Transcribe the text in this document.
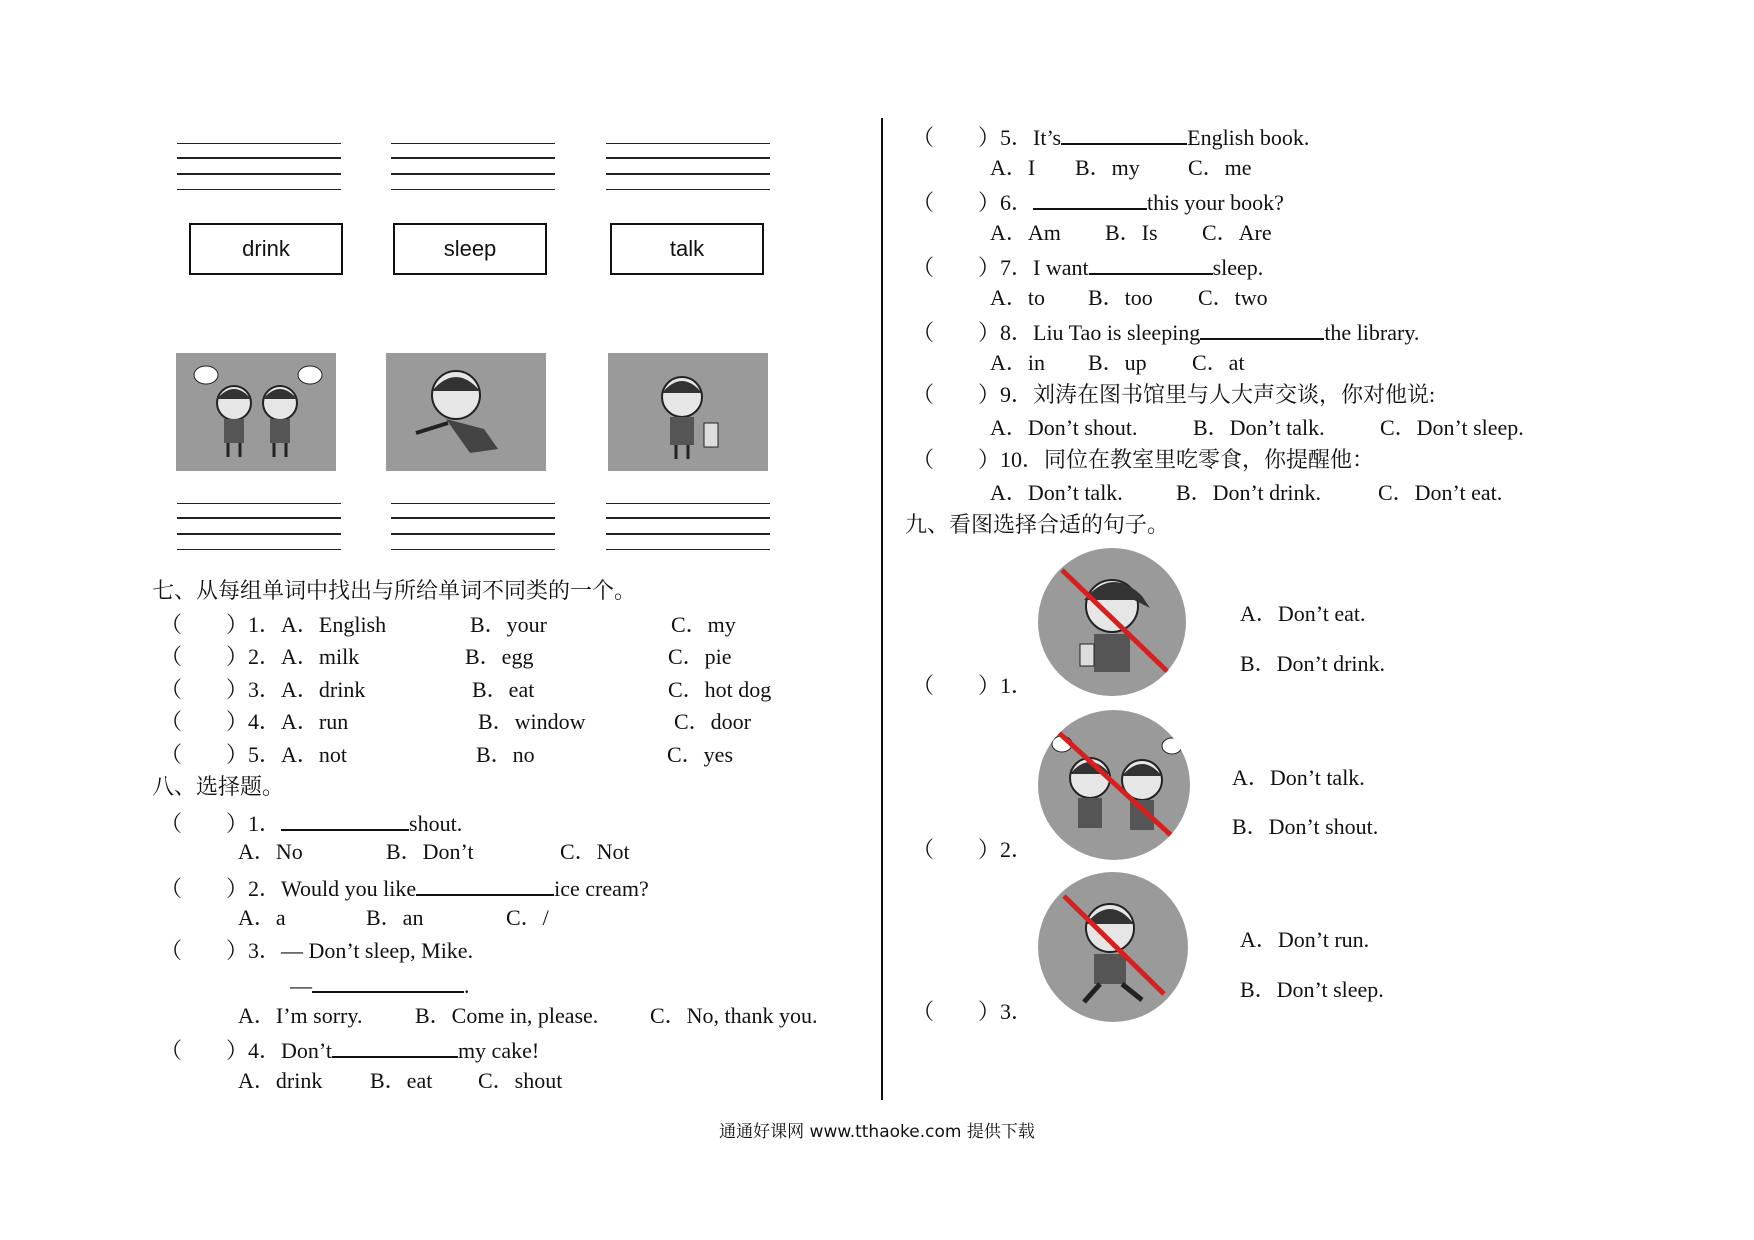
drink	sleep	talk
七、从每组单词中找出与所给单词不同类的一个。
（　　）1．A．English	B．your	C．my
（　　）2．A．milk	B．egg	C．pie
（　　）3．A．drink	B．eat	C．hot dog
（　　）4．A．run	B．window	C．door
（　　）5．A．not	B．no	C．yes
八、选择题。
（　　）1．	shout.
A．No	B．Don’t	C．Not
（　　）2．Would you like	ice cream?
A．a	B．an	C．/
（　　）3．— Don’t sleep, Mike.
—	.
A．I’m sorry. B．Come in, please. C．No, thank you.
（　　）4．Don’t	my cake!
A．drink B．eat C．shout
（　　）5．It’s	English book.
A．I B．my C．me
（　　）6．	this your book?
A．Am B．Is C．Are
（　　）7．I want	sleep.
A．to B．too C．two
（　　）8．Liu Tao is sleeping	the library.
A．in B．up C．at
（　　）9．刘涛在图书馆里与人大声交谈，你对他说:
A．Don’t shout.	B．Don’t talk.	C．Don’t sleep.
（　　）10．同位在教室里吃零食，你提醒他：
A．Don’t talk. B．Don’t drink.	C．Don’t eat.
九、看图选择合适的句子。
（　　）1．
A．Don’t eat.
B．Don’t drink.
（　　）2．
A．Don’t talk.
B．Don’t shout.
（　　）3．
A．Don’t run.
B．Don’t sleep.
通通好课网 www.tthaoke.com 提供下载
